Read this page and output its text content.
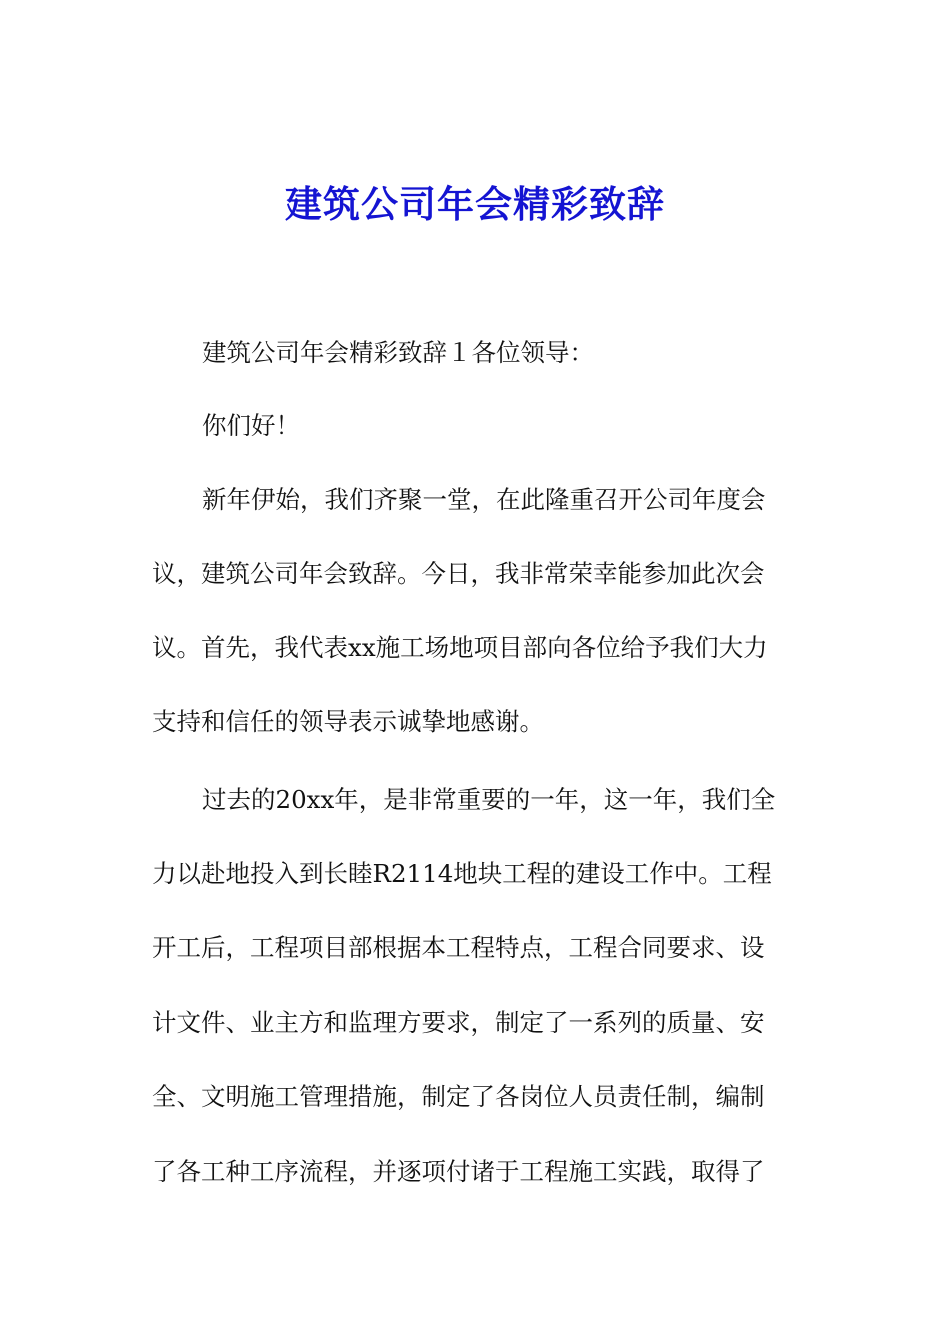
建筑公司年会精彩致辞
建筑公司年会精彩致辞１各位领导：
你们好！
新年伊始，我们齐聚一堂，在此隆重召开公司年度会
议，建筑公司年会致辞。今日，我非常荣幸能参加此次会
议。首先，我代表xx施工场地项目部向各位给予我们大力
支持和信任的领导表示诚挚地感谢。
过去的20xx年，是非常重要的一年，这一年，我们全
力以赴地投入到长睦R2114地块工程的建设工作中。工程
开工后，工程项目部根据本工程特点，工程合同要求、设
计文件、业主方和监理方要求，制定了一系列的质量、安
全、文明施工管理措施，制定了各岗位人员责任制，编制
了各工种工序流程，并逐项付诸于工程施工实践，取得了
